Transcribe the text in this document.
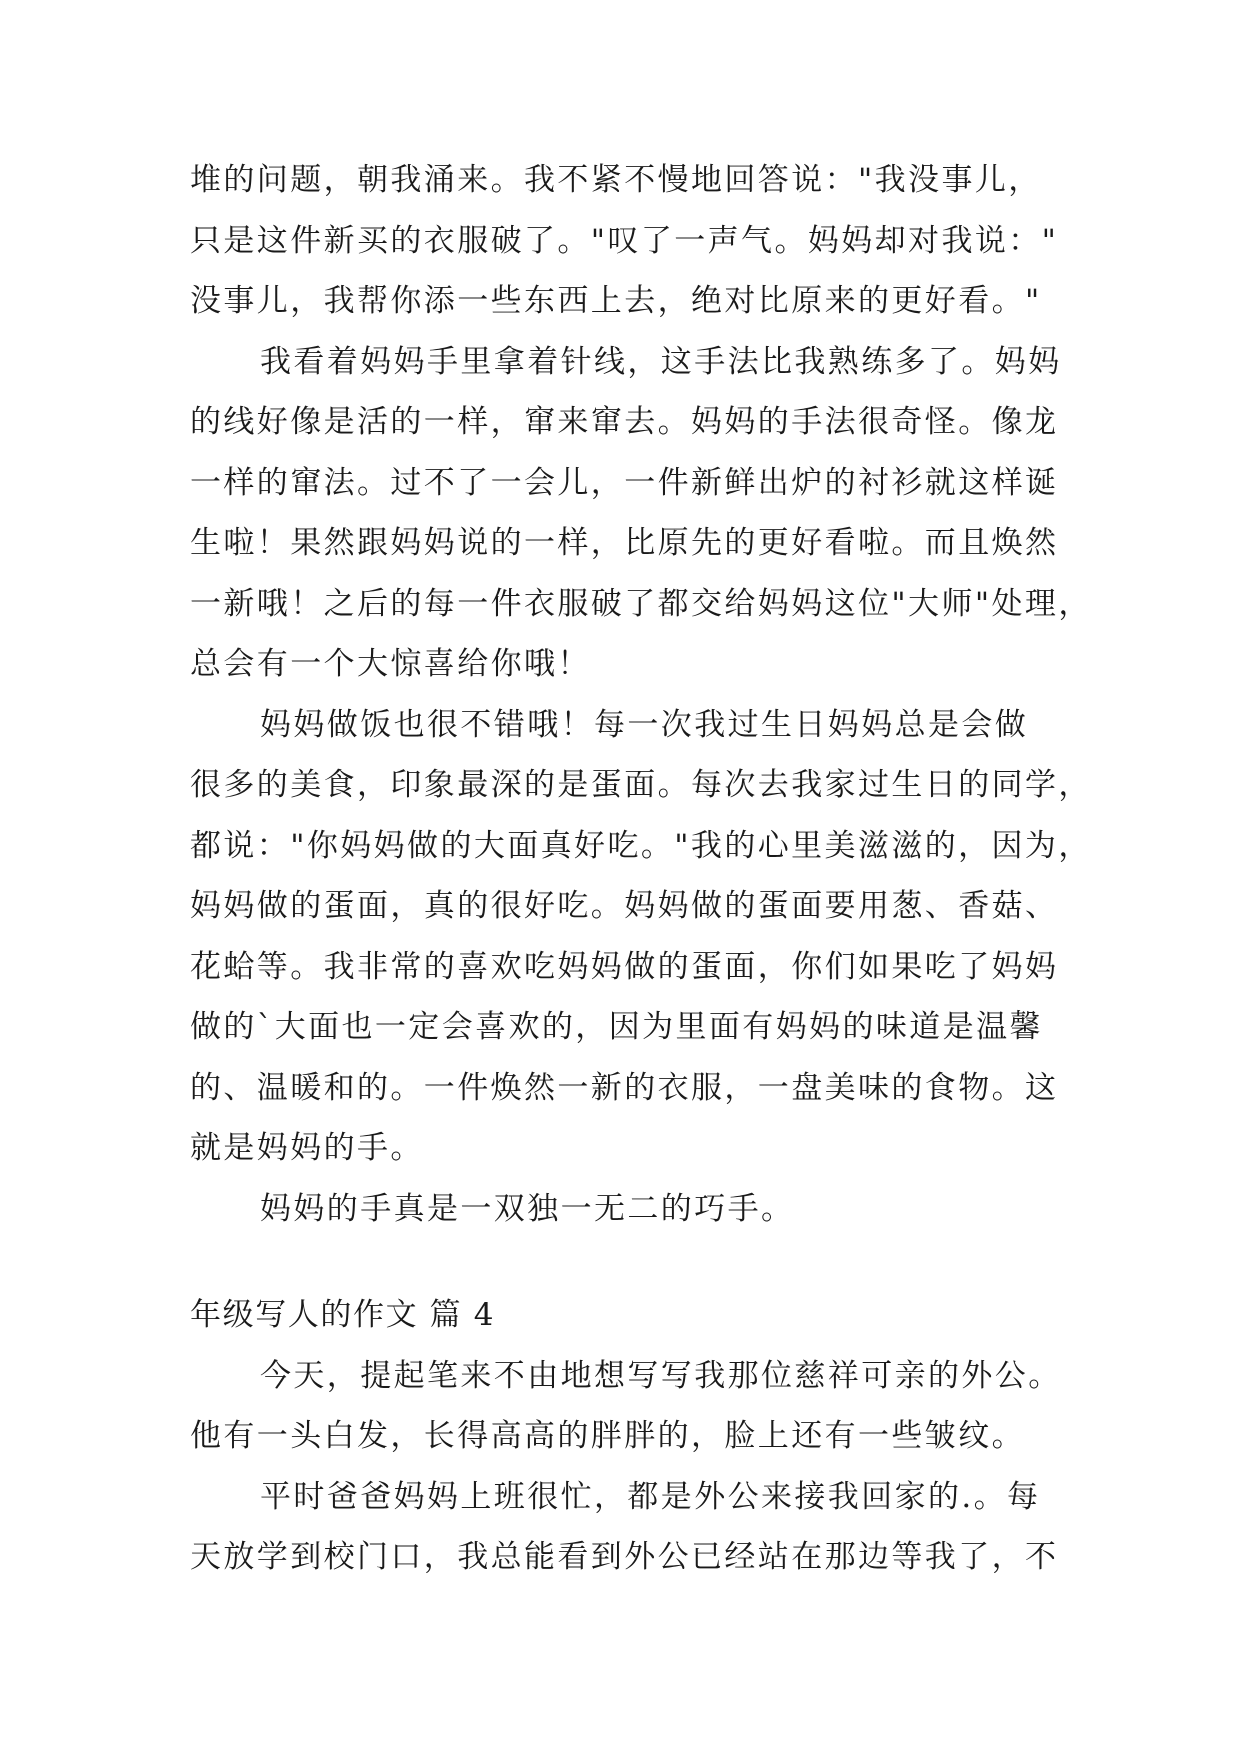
堆的问题，朝我涌来。我不紧不慢地回答说："我没事儿，
只是这件新买的衣服破了。"叹了一声气。妈妈却对我说："
没事儿，我帮你添一些东西上去，绝对比原来的更好看。"
我看着妈妈手里拿着针线，这手法比我熟练多了。妈妈
的线好像是活的一样，窜来窜去。妈妈的手法很奇怪。像龙
一样的窜法。过不了一会儿，一件新鲜出炉的衬衫就这样诞
生啦！果然跟妈妈说的一样，比原先的更好看啦。而且焕然
一新哦！之后的每一件衣服破了都交给妈妈这位"大师"处理，
总会有一个大惊喜给你哦！
妈妈做饭也很不错哦！每一次我过生日妈妈总是会做
很多的美食，印象最深的是蛋面。每次去我家过生日的同学，
都说："你妈妈做的大面真好吃。"我的心里美滋滋的，因为，
妈妈做的蛋面，真的很好吃。妈妈做的蛋面要用葱、香菇、
花蛤等。我非常的喜欢吃妈妈做的蛋面，你们如果吃了妈妈
做的`大面也一定会喜欢的，因为里面有妈妈的味道是温馨
的、温暖和的。一件焕然一新的衣服，一盘美味的食物。这
就是妈妈的手。
妈妈的手真是一双独一无二的巧手。
年级写人的作文 篇 4
今天，提起笔来不由地想写写我那位慈祥可亲的外公。
他有一头白发，长得高高的胖胖的，脸上还有一些皱纹。
平时爸爸妈妈上班很忙，都是外公来接我回家的.。每
天放学到校门口，我总能看到外公已经站在那边等我了，不
